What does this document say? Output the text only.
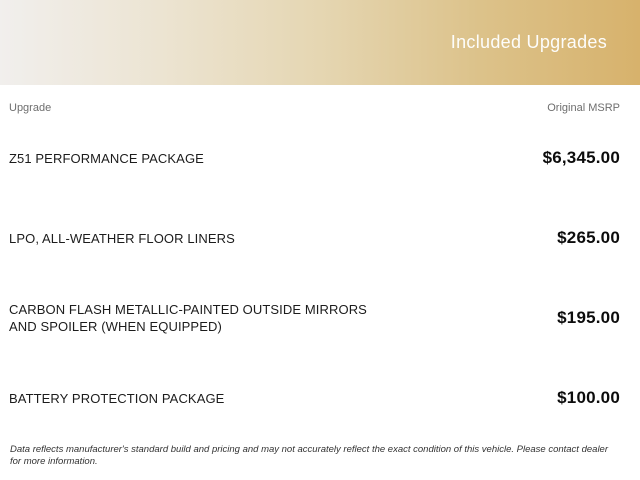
Included Upgrades
Upgrade	Original MSRP
Z51 PERFORMANCE PACKAGE	$6,345.00
LPO, ALL-WEATHER FLOOR LINERS	$265.00
CARBON FLASH METALLIC-PAINTED OUTSIDE MIRRORS AND SPOILER (WHEN EQUIPPED)	$195.00
BATTERY PROTECTION PACKAGE	$100.00

Data reflects manufacturer's standard build and pricing and may not accurately reflect the exact condition of this vehicle. Please contact dealer for more information.
